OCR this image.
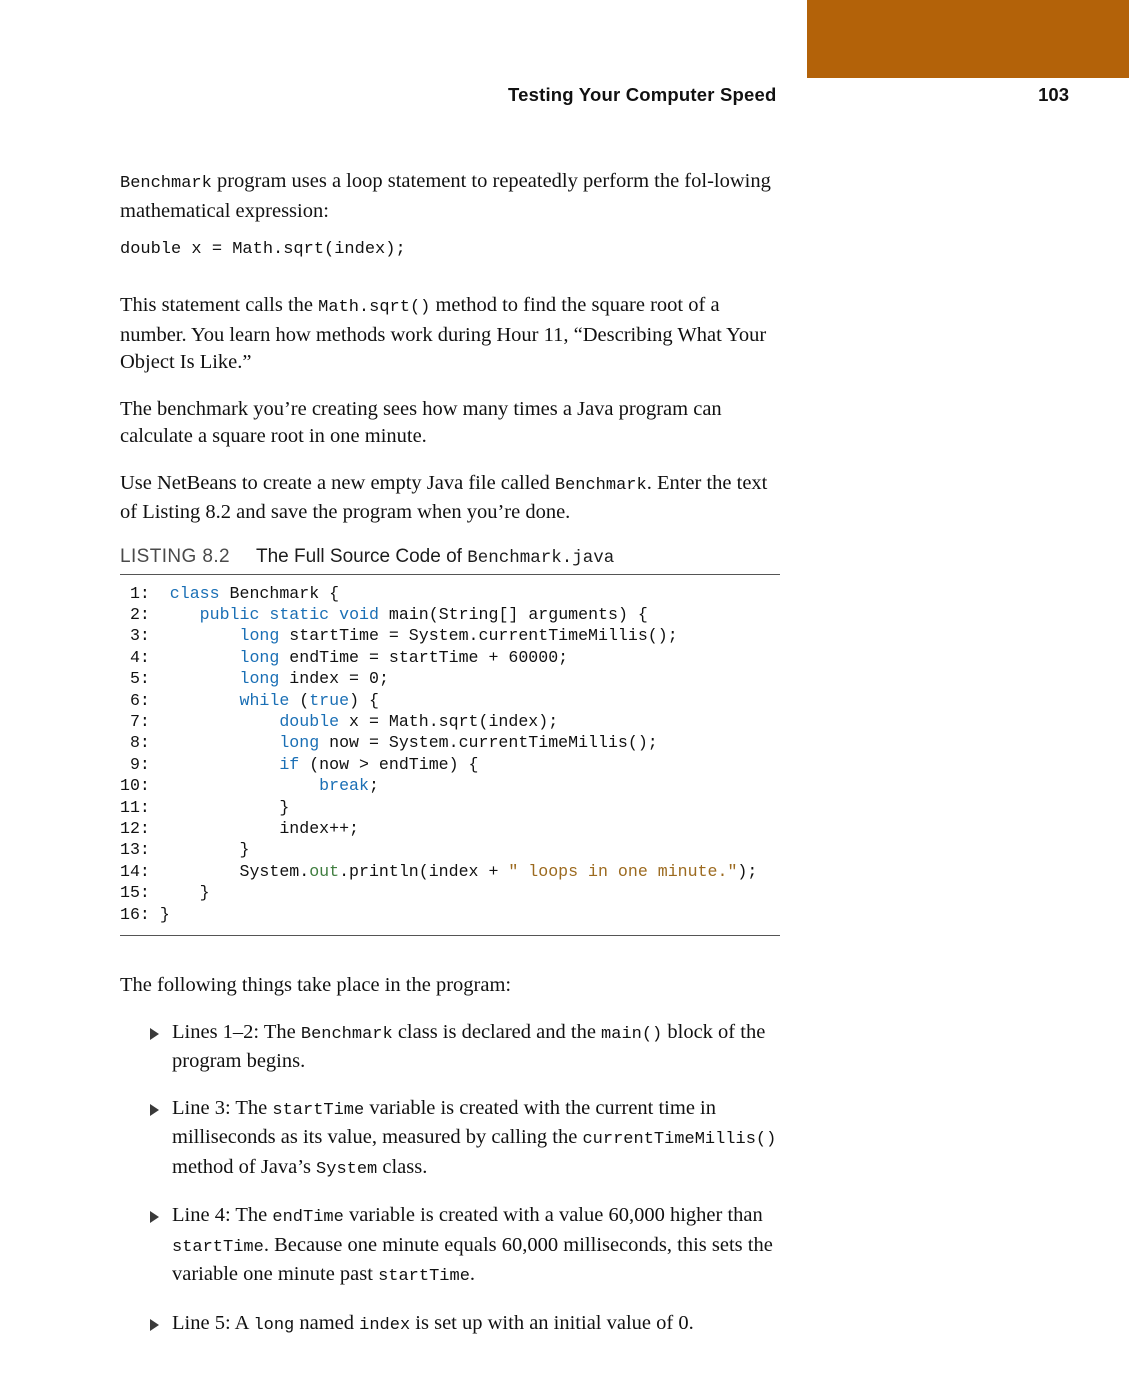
Testing Your Computer Speed	103

Benchmark program uses a loop statement to repeatedly perform the fol-lowing mathematical expression:

double x = Math.sqrt(index);

This statement calls the Math.sqrt() method to find the square root of a number. You learn how methods work during Hour 11, “Describing What Your Object Is Like.”

The benchmark you’re creating sees how many times a Java program can calculate a square root in one minute.

Use NetBeans to create a new empty Java file called Benchmark. Enter the text of Listing 8.2 and save the program when you’re done.

LISTING 8.2 The Full Source Code of Benchmark.java
1: class Benchmark {
2:	public static void main(String[] arguments) {
3:	long startTime = System.currentTimeMillis();
4:	long endTime = startTime + 60000;
5:	long index = 0;
6:	while (true) {
7:	double x = Math.sqrt(index);
8:	long now = System.currentTimeMillis();
9:	if (now > endTime) {
10:	break;
11:             }
12:             index++;
13:         }
14:         System.out.println(index + " loops in one minute.");
15:     }
16: }

The following things take place in the program:

Lines 1–2: The Benchmark class is declared and the main() block of the program begins.
Line 3: The startTime variable is created with the current time in milliseconds as its value, measured by calling the currentTimeMillis() method of Java’s System class.
Line 4: The endTime variable is created with a value 60,000 higher than startTime. Because one minute equals 60,000 milliseconds, this sets the variable one minute past startTime.
Line 5: A long named index is set up with an initial value of 0.
